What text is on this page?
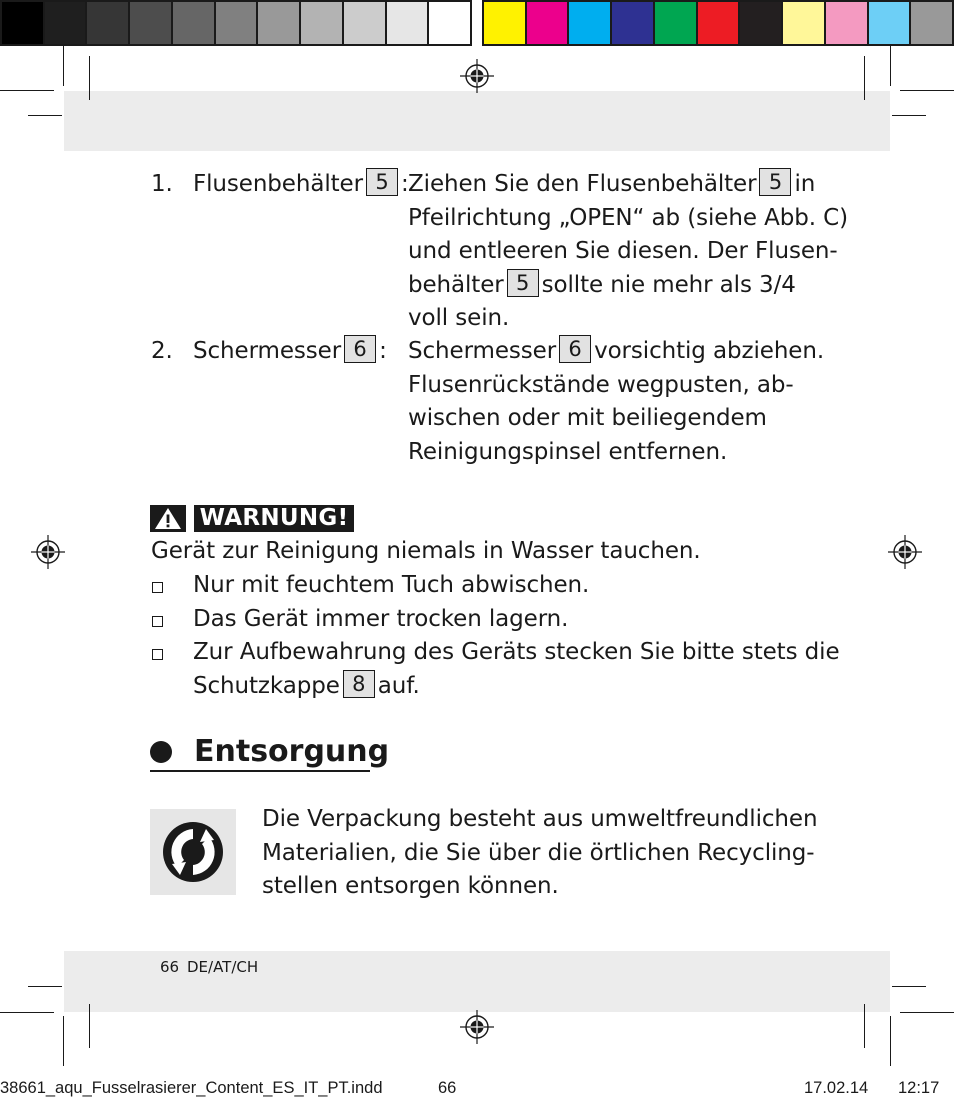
1. Flusenbehälter 5 : Ziehen Sie den Flusenbehälter 5 in
Pfeilrichtung „OPEN“ ab (siehe Abb. C)
und entleeren Sie diesen. Der Flusen-
behälter 5 sollte nie mehr als 3/4
voll sein.
2. Schermesser 6 : Schermesser 6 vorsichtig abziehen.
Flusenrückstände wegpusten, ab-
wischen oder mit beiliegendem
Reinigungspinsel entfernen.
WARNUNG!
Gerät zur Reinigung niemals in Wasser tauchen.
Nur mit feuchtem Tuch abwischen.
Das Gerät immer trocken lagern.
Zur Aufbewahrung des Geräts stecken Sie bitte stets die
Schutzkappe 8 auf.
Entsorgung
Die Verpackung besteht aus umweltfreundlichen
Materialien, die Sie über die örtlichen Recycling-
stellen entsorgen können.
66 DE/AT/CH
38661_aqu_Fusselrasierer_Content_ES_IT_PT.indd	66	17.02.14 12:17
